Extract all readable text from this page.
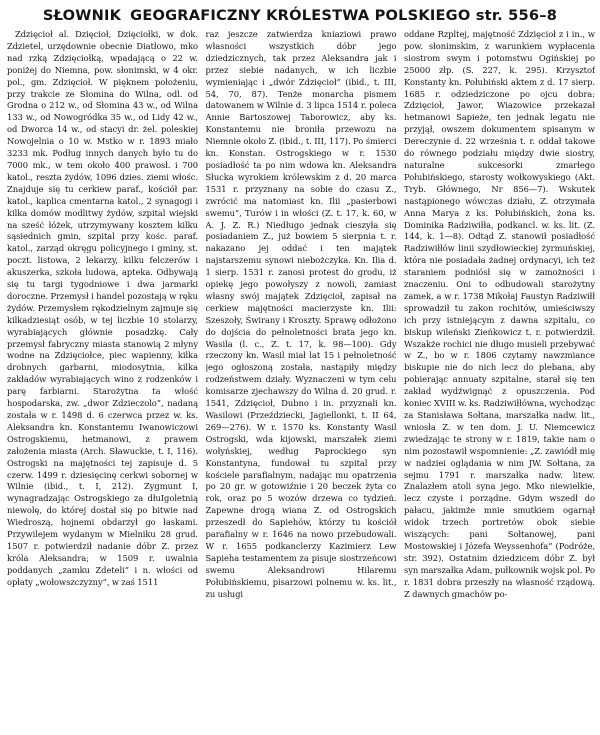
SŁOWNIK GEOGRAFICZNY KRÓLESTWA POLSKIEGO str. 556–8

Zdzięcioł al. Dzięcioł, Dzięciołki, w dok. Zdzietel, urzędownie obecnie Diatłowo, mko nad rzką Zdzięciołką, wpadającą o 22 w. poniżej do Niemna, pow. słonimski, w 4 okr. pol., gm. Zdzięcioł. W pięknem położeniu, przy trakcie ze Słomina do Wilna, odl. od Grodna o 212 w., od Słomina 43 w., od Wilna 133 w., od Nowogródka 35 w., od Lidy 42 w., od Dworca 14 w., od stacyi dr. żel. poleskiej Nowojelnia o 10 w. Mstko w r. 1893 miało 3233 mk. Podług innych danych było tu do 7000 mk., w tem około 400 prawosł. i 700 katol., reszta żydów, 1096 dzies. ziemi włośc. Znajduje się tu cerkiew paraf., kościół par. katol., kaplica cmentarna katol., 2 synagogi i kilka domów modlitwy żydów, szpital wiejski na sześć łóżek, utrzymywany kosztem kilku sąsiednich gmin, szpital przy kośc. paraf. katol., zarząd okręgu policyjnego i gminy, st. poczt. listowa, 2 lekarzy, kilku felczerów i akuszerka, szkoła ludowa, apteka. Odbywają się tu targi tygodniowe i dwa jarmarki doroczne. Przemysł i handel pozostają w ręku żydów. Przemysłem rękodzielnym zajmuje się kilkadziesiąt osób, w tej liczbie 10 stolarzy, wyrabiających głównie posadzkę. Cały przemysł fabryczny miasta stanowią 2 młyny wodne na Zdzięciołce, piec wapienny, kilka drobnych garbarni, miodosytnia, kilka zakładów wyrabiających wino z rodzenków i parę farbiarni. Starożytna ta włość hospodarska, zw. „dwor Zdzieczolo”, nadaną została w r. 1498 d. 6 czerwca przez w. ks. Aleksandra kn. Konstantemu Iwanowiczowi Ostrogskiemu, hetmanowi, z prawem założenia miasta (Arch. Sławuckie, t. I, 116). Ostrogski na majętności tej zapisuje d. 5 czerw. 1499 r. dziesięcinę cerkwi sobornej w Wilnie (ibid., t. I, 212). Zygmunt I, wynagradzając Ostrogskiego za dłuIgoletnią niewolę, do której dostał się po bitwie nad Wiedroszą, hojnemi obdarzył go łaskami. Przywilejem wydanym w Mielniku 28 grud. 1507 r. potwierdził nadanie dóbr Z. przez króla Aleksandra; w 1509 r. uwalnia poddanych „zamku Zdeteli” i n. włości od opłaty „wołowszczyzny”, w zaś 1511

raz jeszcze zatwierdza kniaziowi prawo własności wszystkich dóbr jego dziedzicznych, tak przez Aleksandra jak i przez siebie nadanych, w ich liczbie wymieniając i „dwór Zdzięcioł” (ibid., t. III, 54, 70, 87). Tenże monarcha pismem datowanem w Wilnie d. 3 lipca 1514 r. poleca Annie Bartoszowej Taborowicz, aby ks. Konstantemu nie broniła przewozu na Niemnie około Z. (ibid., t. III, 117). Po śmierci kn. Konstan. Ostrogskiego w r. 1530 posiadłość ta po nim wdowa kn. Aleksandra Słucka wyrokiem królewskim z d. 20 marca 1531 r. przyznany na sobie do czasu Z., zwrócić ma natomiast kn. Ilii „pasierbowi swemu”, Turów i in włości (Z. t. 17, k. 60, w A. J. Z. R.) Niedługo jednak cieszyła się posiadaniem Z., już bowiem 5 sierpnia t. r. nakazano jej oddać i ten majątek najstarszemu synowi niebożczyka. Kn. Ilia d. 1 sierp. 1531 r. zanosi protest do grodu, iż opiekę jego powołyszy z nowoli, zamiast własny swój majątek Zdzięcioł, zapisał na cerkiew majętności macierzyste kn. Ilii: Szeszoły, Świrany i Kroszty. Sprawę odłożono do dojścia do pełnoletności brata jego kn. Wasila (l. c., Z. t. 17, k. 98—100). Gdy rzeczony kn. Wasil miał lat 15 i pełnoletność jego ogłoszoną została, nastąpiły między rodzeństwem działy. Wyznaczeni w tym celu komisarze zjechawszy do Wilna d. 20 grud. r. 1541, Zdzięcioł, Dubno i in. przyznali kn. Wasilowi (Przeździecki, Jagiellonki, t. II 64, 269—276). W r. 1570 ks. Konstanty Wasil Ostrogski, wda kijowski, marszałek ziemi wołyńskiej, według Paprockiego syn Konstantyna, fundował tu szpital przy kościele parafialnym, nadając mu opatrzenia po 20 gr. w gotowiźnie i 20 beczek żyta co rok, oraz po 5 wozów drzewa co tydzień. Zapewne drogą wiana Z. od Ostrogskich przeszedł do Sapiehów, którzy tu kościół parafialny w r. 1646 na nowo przebudowali. W r. 1655 podkanclerzy Kazimierz Lew Sapieha testamentem za pisuje siostrzeńcowi swemu Aleksandrowi Hilaremu Połubińskiemu, pisarzowi polnemu w. ks. lit., zu usługi

oddane Rzpltej, majętność Zdzięcioł z i in., w pow. słonimskim, z warunkiem wypłacenia siostrom swym i potomstwu Ogińskiej po 25000 złp. (S. 227, k. 295). Krzysztof Konstanty kn. Połubiński aktem z d. 17 sierp. 1685 r. odziedziczone po ojcu dobra: Zdzięcioł, Jawor, Wiazowice przekazał hetmanowi Sapieże, ten jednak legatu nie przyjął, owszem dokumentem spisanym w Dereczynie d. 22 września t. r. oddał takowe do równego podziału między dwie siostry, naturalne sukcesorki zmarłego Połubińskiego, starosty wołkowyskiego (Akt. Tryb. Głównego, Nr 856—7). Wskutek nastąpionego wówczas działu, Z. otrzymała Anna Marya z ks. Połubińskich, żona ks. Dominika Radziwiłła, podkancl. w. ks. lit. (Z. 144, k. 1—8). Odtąd Z. stanowił posiadłość Radziwiłłów linii szydłowieckiej żyrmuńskiej, która nie posiadała żadnej ordynacyi, ich też staraniem podniósł się w zamożności i znaczeniu. Oni to odbudowali starożytny zamek, a w r. 1738 Mikołaj Faustyn Radziwiłł sprowadził tu zakon rochitów, umieściwszy ich przy istniejącym z dawna szpitalu, co biskup wileński Zieńkowicz t. r. potwierdził. Wszakże rochici nie długo musieli przebywać w Z., bo w r. 1806 czytamy nawzmiance biskupie nie do nich lecz do plebana, aby pobierając annuaty szpitalne, starał się ten zakład wydźwignąć z opuszczenia. Pod koniec XVIII w. ks. Radziwiłłówna, wychodząc za Stanisława Sołtana, marszałka nadw. lit., wniosła Z. w ten dom. J. U. Niemcewicz zwiedzając te strony w r. 1819, takie nam o nim pozostawił wspomnienie: „Z. zawiódł mię w nadziei oglądania w nim JW. Sołtana, za sejmu 1791 r. marszałka nadw. litew. Znalazłem atoli syna jego. Mko niewielkie, lecz czyste i porządne. Gdym wszedł do pałacu, jakimże mnie smutkiem ogarnął widok trzech portretów obok siebie wiszących: pani Sołtanowej, pani Mostowskiej i Józefa Weyssenhofa” (Podróże, str. 392). Ostatnim dziedzicem dóbr Z. był syn marszałka Adam, pułkownik wojsk pol. Po r. 1831 dobra przeszły na własność rządową. Z dawnych gmachów po-
